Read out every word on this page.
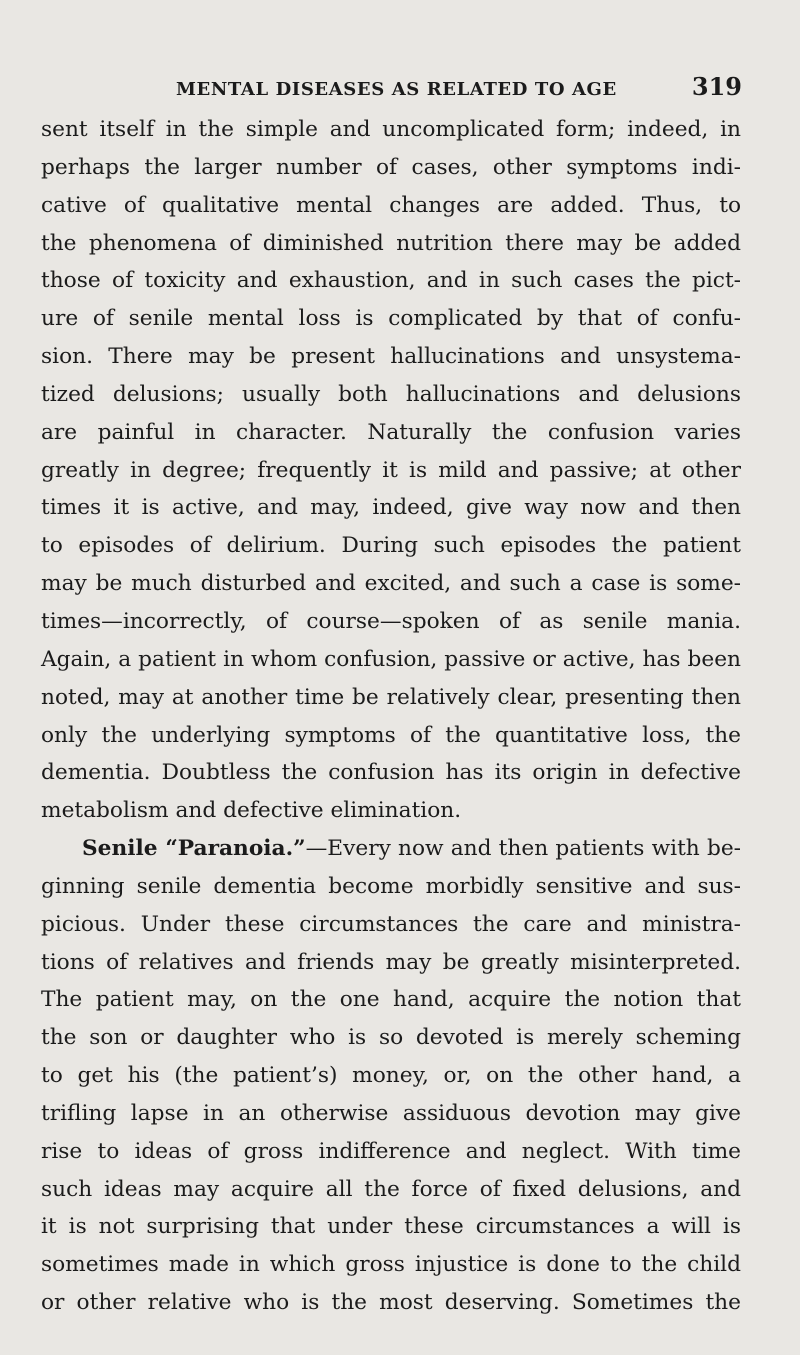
MENTAL DISEASES AS RELATED TO AGE	319
sent itself in the simple and uncomplicated form; indeed, in
perhaps the larger number of cases, other symptoms indi-
cative of qualitative mental changes are added. Thus, to
the phenomena of diminished nutrition there may be added
those of toxicity and exhaustion, and in such cases the pict-
ure of senile mental loss is complicated by that of confu-
sion. There may be present hallucinations and unsystema-
tized delusions; usually both hallucinations and delusions
are painful in character. Naturally the confusion varies
greatly in degree; frequently it is mild and passive; at other
times it is active, and may, indeed, give way now and then
to episodes of delirium. During such episodes the patient
may be much disturbed and excited, and such a case is some-
times—incorrectly, of course—spoken of as senile mania.
Again, a patient in whom confusion, passive or active, has been
noted, may at another time be relatively clear, presenting then
only the underlying symptoms of the quantitative loss, the
dementia. Doubtless the confusion has its origin in defective
metabolism and defective elimination.
Senile “Paranoia.”—Every now and then patients with be-
ginning senile dementia become morbidly sensitive and sus-
picious. Under these circumstances the care and ministra-
tions of relatives and friends may be greatly misinterpreted.
The patient may, on the one hand, acquire the notion that
the son or daughter who is so devoted is merely scheming
to get his (the patient’s) money, or, on the other hand, a
trifling lapse in an otherwise assiduous devotion may give
rise to ideas of gross indifference and neglect. With time
such ideas may acquire all the force of fixed delusions, and
it is not surprising that under these circumstances a will is
sometimes made in which gross injustice is done to the child
or other relative who is the most deserving. Sometimes the
